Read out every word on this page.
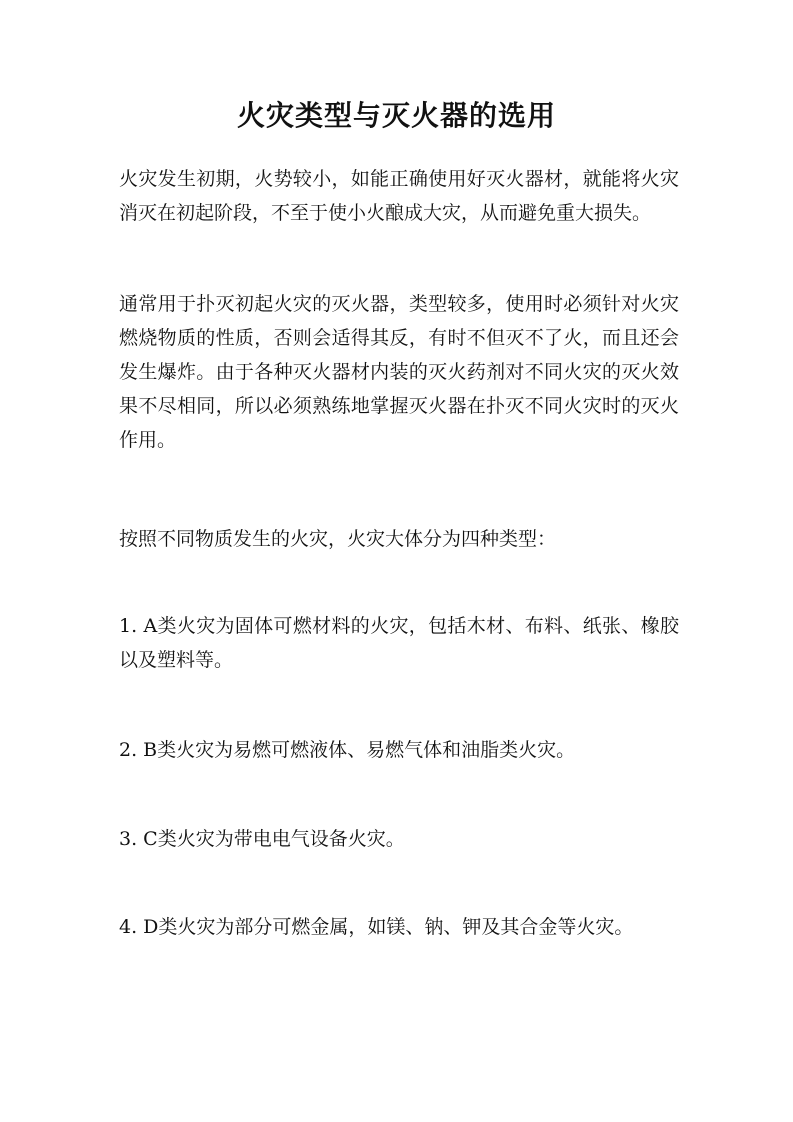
火灾类型与灭火器的选用

火灾发生初期，火势较小，如能正确使用好灭火器材，就能将火灾消灭在初起阶段，不至于使小火酿成大灾，从而避免重大损失。

通常用于扑灭初起火灾的灭火器，类型较多，使用时必须针对火灾燃烧物质的性质，否则会适得其反，有时不但灭不了火，而且还会发生爆炸。由于各种灭火器材内装的灭火药剂对不同火灾的灭火效果不尽相同，所以必须熟练地掌握灭火器在扑灭不同火灾时的灭火作用。

按照不同物质发生的火灾，火灾大体分为四种类型：

1. A类火灾为固体可燃材料的火灾，包括木材、布料、纸张、橡胶以及塑料等。

2. B类火灾为易燃可燃液体、易燃气体和油脂类火灾。

3. C类火灾为带电电气设备火灾。

4. D类火灾为部分可燃金属，如镁、钠、钾及其合金等火灾。
